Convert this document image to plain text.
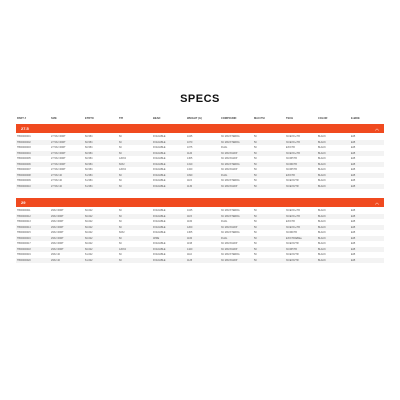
SPECS
PART #	SIZE	ETRTO	TPI	BEAD	WEIGHT (G)	COMPOUND	MAX PSI	TECH	COLOR	E-BIKE
27.5	︿
TB00000001	27.5X2.30WT	60-584	60	FOLDABLE	1045	3C MAXXTERRA	50	3C/EXO+/TR	BLACK	E25
TB00000002	27.5X2.30WT	60-584	60	FOLDABLE	1070	3C MAXXTERRA	50	3C/EXO+/TR	BLACK	E25
TB00000003	27.5X2.30WT	60-584	60	FOLDABLE	1075	DUAL	50	EXO/TR	BLACK	E25
TB00000004	27.5X2.30WT	60-584	60	FOLDABLE	1120	3C MAXXGRIP	50	3C/EXO+/TR	BLACK	E25
TB00000005	27.5X2.30WT	60-584	120X2	FOLDABLE	1305	3C MAXXGRIP	50	3C/DH/TR	BLACK	E25
TB00000006	27.5X2.30WT	60-584	60X2	FOLDABLE	1310	3C MAXXTERRA	50	3C/DD/TR	BLACK	E25
TB00000007	27.5X2.30WT	60-584	120X2	FOLDABLE	1320	3C MAXXGRIP	50	3C/DH/TR	BLACK	E25
TB00000008	27.5X2.40	61-584	60	FOLDABLE	1090	DUAL	50	EXO/TR	BLACK	E25
TB00000009	27.5X2.40	61-584	60	FOLDABLE	1115	3C MAXXTERRA	50	3C/EXO/TR	BLACK	E25
TB00000010	27.5X2.40	61-584	60	FOLDABLE	1130	3C MAXXGRIP	50	3C/EXO/TR	BLACK	E25
29	︿
TB00000011	29X2.30WT	60-622	60	FOLDABLE	1045	3C MAXXTERRA	50	3C/EXO+/TR	BLACK	E25
TB00000012	29X2.30WT	60-622	60	FOLDABLE	1115	3C MAXXTERRA	50	3C/EXO+/TR	BLACK	E25
TB00000013	29X2.30WT	60-622	60	FOLDABLE	1160	DUAL	50	EXO/TR	BLACK	E25
TB00000014	29X2.30WT	60-622	60	FOLDABLE	1200	3C MAXXGRIP	50	3C/EXO+/TR	BLACK	E25
TB00000015	29X2.30WT	60-622	60X2	FOLDABLE	1305	3C MAXXTERRA	50	3C/DD/TR	BLACK	E25
TB00000016	29X2.30WT	60-622	60	WIRE	1160	DUAL	50	EXO/TR/EBike	BLACK	E25
TB00000017	29X2.30WT	60-622	60	FOLDABLE	1195	3C MAXXGRIP	50	3C/EXO/TR	BLACK	E25
TB00000018	29X2.30WT	60-622	120X2	FOLDABLE	1420	3C MAXXGRIP	50	3C/DH/TR	BLACK	E25
TB00000019	29X2.40	61-622	60	FOLDABLE	1110	3C MAXXTERRA	50	3C/EXO/TR	BLACK	E25
TB00000020	29X2.40	61-622	60	FOLDABLE	1125	3C MAXXGRIP	50	3C/EXO/TR	BLACK	E25
